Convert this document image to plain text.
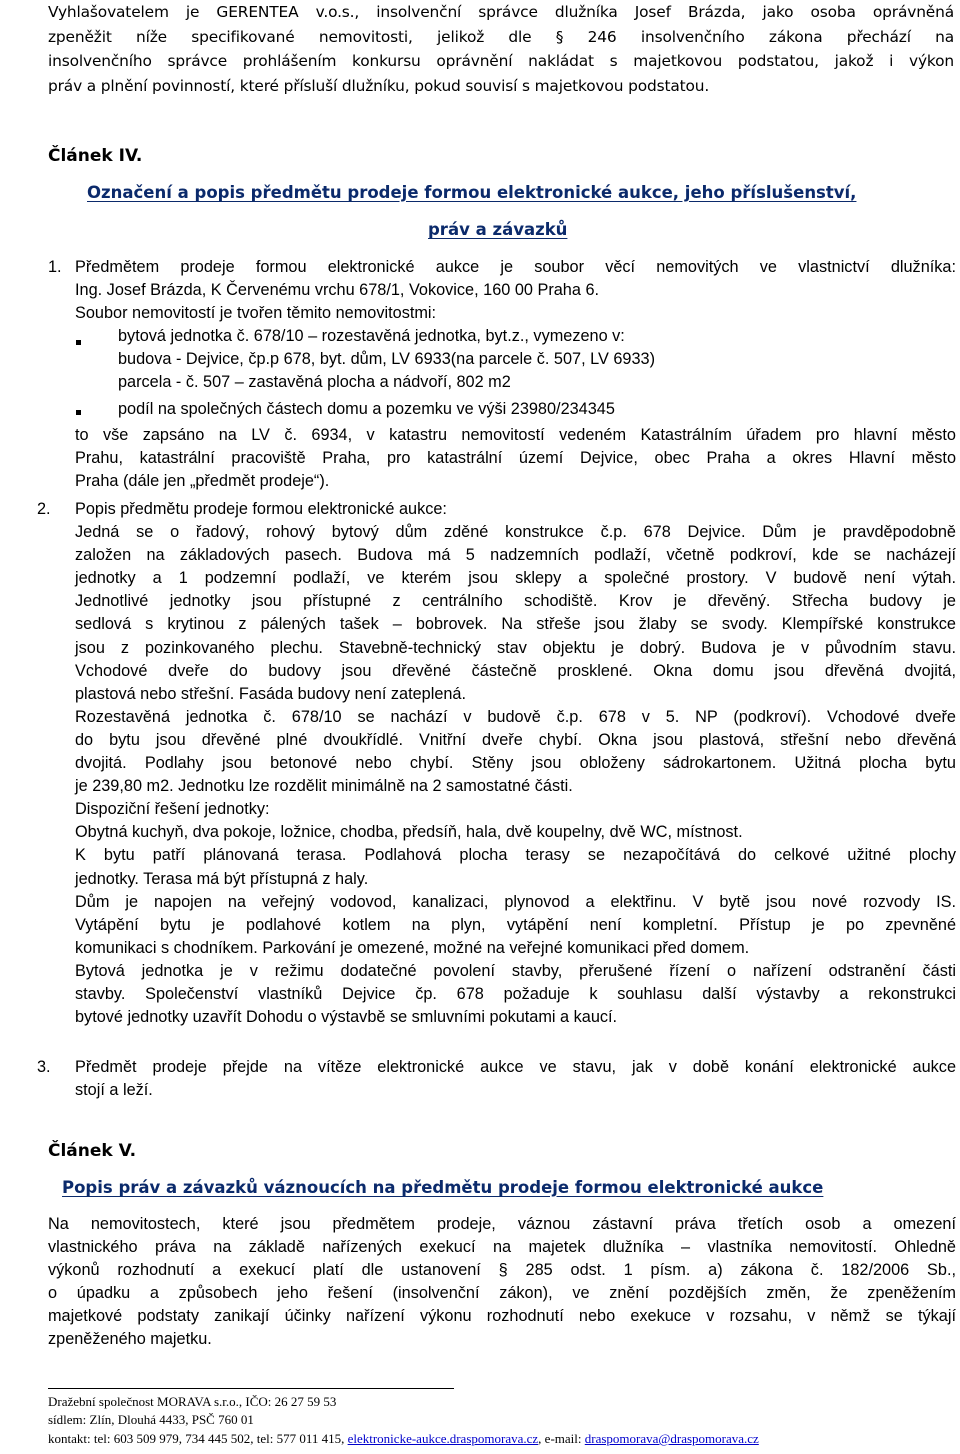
Vyhlašovatelem je GERENTEA v.o.s., insolvenční správce dlužníka Josef Brázda, jako osoba oprávněná
zpeněžit níže specifikované nemovitosti, jelikož dle § 246 insolvenčního zákona přechází na
insolvenčního správce prohlášením konkursu oprávnění nakládat s majetkovou podstatou, jakož i výkon
práv a plnění povinností, které přísluší dlužníku, pokud souvisí s majetkovou podstatou.
Článek IV.
Označení a popis předmětu prodeje formou elektronické aukce, jeho příslušenství,
práv a závazků
1. Předmětem prodeje formou elektronické aukce je soubor věcí nemovitých ve vlastnictví dlužníka:
Ing. Josef Brázda, K Červenému vrchu 678/1, Vokovice, 160 00 Praha 6.
Soubor nemovitostí je tvořen těmito nemovitostmi:
bytová jednotka č. 678/10 – rozestavěná jednotka, byt.z., vymezeno v:
budova - Dejvice, čp.p 678, byt. dům, LV 6933(na parcele č. 507, LV 6933)
parcela - č. 507 – zastavěná plocha a nádvoří, 802 m2
podíl na společných částech domu a pozemku ve výši 23980/234345
to vše zapsáno na LV č. 6934, v katastru nemovitostí vedeném Katastrálním úřadem pro hlavní město
Prahu, katastrální pracoviště Praha, pro katastrální území Dejvice, obec Praha a okres Hlavní město
Praha (dále jen „předmět prodeje“).
2. Popis předmětu prodeje formou elektronické aukce:
Jedná se o řadový, rohový bytový dům zděné konstrukce č.p. 678 Dejvice. Dům je pravděpodobně
založen na základových pasech. Budova má 5 nadzemních podlaží, včetně podkroví, kde se nacházejí
jednotky a 1 podzemní podlaží, ve kterém jsou sklepy a společné prostory. V budově není výtah.
Jednotlivé jednotky jsou přístupné z centrálního schodiště. Krov je dřevěný. Střecha budovy je
sedlová s krytinou z pálených tašek – bobrovek. Na střeše jsou žlaby se svody. Klempířské konstrukce
jsou z pozinkovaného plechu. Stavebně-technický stav objektu je dobrý. Budova je v původním stavu.
Vchodové dveře do budovy jsou dřevěné částečně prosklené. Okna domu jsou dřevěná dvojitá,
plastová nebo střešní. Fasáda budovy není zateplená.
Rozestavěná jednotka č. 678/10 se nachází v budově č.p. 678 v 5. NP (podkroví). Vchodové dveře
do bytu jsou dřevěné plné dvoukřídlé. Vnitřní dveře chybí. Okna jsou plastová, střešní nebo dřevěná
dvojitá. Podlahy jsou betonové nebo chybí. Stěny jsou obloženy sádrokartonem. Užitná plocha bytu
je 239,80 m2. Jednotku lze rozdělit minimálně na 2 samostatné části.
Dispoziční řešení jednotky:
Obytná kuchyň, dva pokoje, ložnice, chodba, předsíň, hala, dvě koupelny, dvě WC, místnost.
K bytu patří plánovaná terasa. Podlahová plocha terasy se nezapočítává do celkové užitné plochy
jednotky. Terasa má být přístupná z haly.
Dům je napojen na veřejný vodovod, kanalizaci, plynovod a elektřinu. V bytě jsou nové rozvody IS.
Vytápění bytu je podlahové kotlem na plyn, vytápění není kompletní. Přístup je po zpevněné
komunikaci s chodníkem. Parkování je omezené, možné na veřejné komunikaci před domem.
Bytová jednotka je v režimu dodatečné povolení stavby, přerušené řízení o nařízení odstranění části
stavby. Společenství vlastníků Dejvice čp. 678 požaduje k souhlasu další výstavby a rekonstrukci
bytové jednotky uzavřít Dohodu o výstavbě se smluvními pokutami a kaucí.
3. Předmět prodeje přejde na vítěze elektronické aukce ve stavu, jak v době konání elektronické aukce
stojí a leží.
Článek V.
Popis práv a závazků váznoucích na předmětu prodeje formou elektronické aukce
Na nemovitostech, které jsou předmětem prodeje, váznou zástavní práva třetích osob a omezení
vlastnického práva na základě nařízených exekucí na majetek dlužníka – vlastníka nemovitostí. Ohledně
výkonů rozhodnutí a exekucí platí dle ustanovení § 285 odst. 1 písm. a) zákona č. 182/2006 Sb.,
o úpadku a způsobech jeho řešení (insolvenční zákon), ve znění pozdějších změn, že zpeněžením
majetkové podstaty zanikají účinky nařízení výkonu rozhodnutí nebo exekuce v rozsahu, v němž se týkají
zpeněženého majetku.
Dražební společnost MORAVA s.r.o., IČO: 26 27 59 53
sídlem: Zlín, Dlouhá 4433, PSČ 760 01
kontakt: tel: 603 509 979, 734 445 502, tel: 577 011 415, elektronicke-aukce.draspomorava.cz, e-mail: draspomorava@draspomorava.cz
